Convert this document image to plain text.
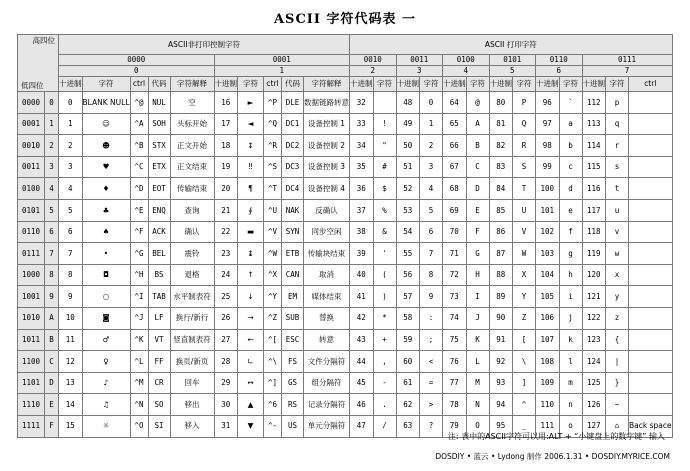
ASCII 字符代码表 一
高四位
低四位		ASCII非打印控制字符										ASCII 打印字符												
		0000					0001					0010		0011		0100		0101		0110		0111		
		0					1					2		3		4		5		6		7		
		十进制	字符	ctrl	代码	字符解释	十进制	字符	ctrl	代码	字符解释	十进制	字符	十进制	字符	十进制	字符	十进制	字符	十进制	字符	十进制	字符	ctrl
0000	0	0	BLANK NULL	^@	NUL	空	16	►	^P	DLE	数据链路转意	32		48	0	64	@	80	P	96	`	112	p	
0001	1	1	☺	^A	SOH	头标开始	17	◄	^Q	DC1	设备控制 1	33	!	49	1	65	A	81	Q	97	a	113	q	
0010	2	2	☻	^B	STX	正文开始	18	↕	^R	DC2	设备控制 2	34	"	50	2	66	B	82	R	98	b	114	r	
0011	3	3	♥	^C	ETX	正文结束	19	‼	^S	DC3	设备控制 3	35	#	51	3	67	C	83	S	99	c	115	s	
0100	4	4	♦	^D	EOT	传输结束	20	¶	^T	DC4	设备控制 4	36	$	52	4	68	D	84	T	100	d	116	t	
0101	5	5	♣	^E	ENQ	查询	21	∮	^U	NAK	反确认	37	%	53	5	69	E	85	U	101	e	117	u	
0110	6	6	♠	^F	ACK	确认	22	▬	^V	SYN	同步空闲	38	&	54	6	70	F	86	V	102	f	118	v	
0111	7	7	•	^G	BEL	震铃	23	↨	^W	ETB	传输块结束	39	'	55	7	71	G	87	W	103	g	119	w	
1000	8	8	◘	^H	BS	退格	24	↑	^X	CAN	取消	40	(	56	8	72	H	88	X	104	h	120	x	
1001	9	9	○	^I	TAB	水平制表符	25	↓	^Y	EM	媒体结束	41	)	57	9	73	I	89	Y	105	i	121	y	
1010	A	10	◙	^J	LF	换行/新行	26	→	^Z	SUB	替换	42	*	58	:	74	J	90	Z	106	j	122	z	
1011	B	11	♂	^K	VT	竖直制表符	27	←	^[	ESC	转意	43	+	59	;	75	K	91	[	107	k	123	{	
1100	C	12	♀	^L	FF	换页/新页	28	∟	^\	FS	文件分隔符	44	,	60	<	76	L	92	\	108	l	124	|	
1101	D	13	♪	^M	CR	回车	29	↔	^]	GS	组分隔符	45	-	61	=	77	M	93	]	109	m	125	}	
1110	E	14	♫	^N	SO	移出	30	▲	^6	RS	记录分隔符	46	.	62	>	78	N	94	^	110	n	126	~	
1111	F	15	☼	^O	SI	移入	31	▼	^-	US	单元分隔符	47	/	63	?	79	O	95	_	111	o	127	⌂	Back space
注: 表中的ASCII字符可以用:ALT + “小键盘上的数字键” 输入
DOSDIY • 蓝云 • Lydong 制作 2006.1.31 • DOSDIY.MYRICE.COM
